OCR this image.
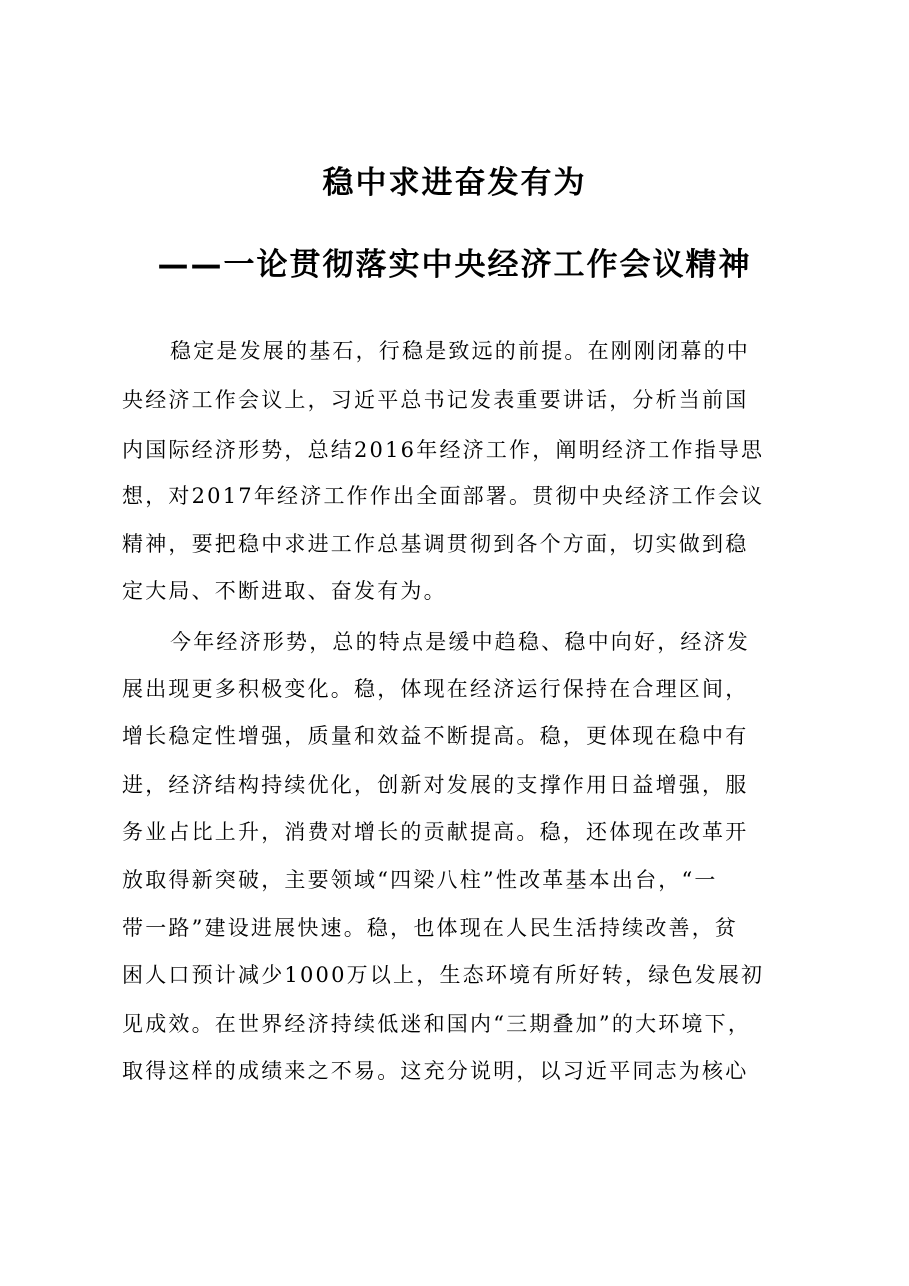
稳中求进奋发有为
——一论贯彻落实中央经济工作会议精神
稳定是发展的基石，行稳是致远的前提。在刚刚闭幕的中
央经济工作会议上，习近平总书记发表重要讲话，分析当前国
内国际经济形势，总结2016年经济工作，阐明经济工作指导思
想，对2017年经济工作作出全面部署。贯彻中央经济工作会议
精神，要把稳中求进工作总基调贯彻到各个方面，切实做到稳
定大局、不断进取、奋发有为。
今年经济形势，总的特点是缓中趋稳、稳中向好，经济发
展出现更多积极变化。稳，体现在经济运行保持在合理区间，
增长稳定性增强，质量和效益不断提高。稳，更体现在稳中有
进，经济结构持续优化，创新对发展的支撑作用日益增强，服
务业占比上升，消费对增长的贡献提高。稳，还体现在改革开
放取得新突破，主要领域“四梁八柱”性改革基本出台，“一
带一路”建设进展快速。稳，也体现在人民生活持续改善，贫
困人口预计减少1000万以上，生态环境有所好转，绿色发展初
见成效。在世界经济持续低迷和国内“三期叠加”的大环境下，
取得这样的成绩来之不易。这充分说明，以习近平同志为核心
